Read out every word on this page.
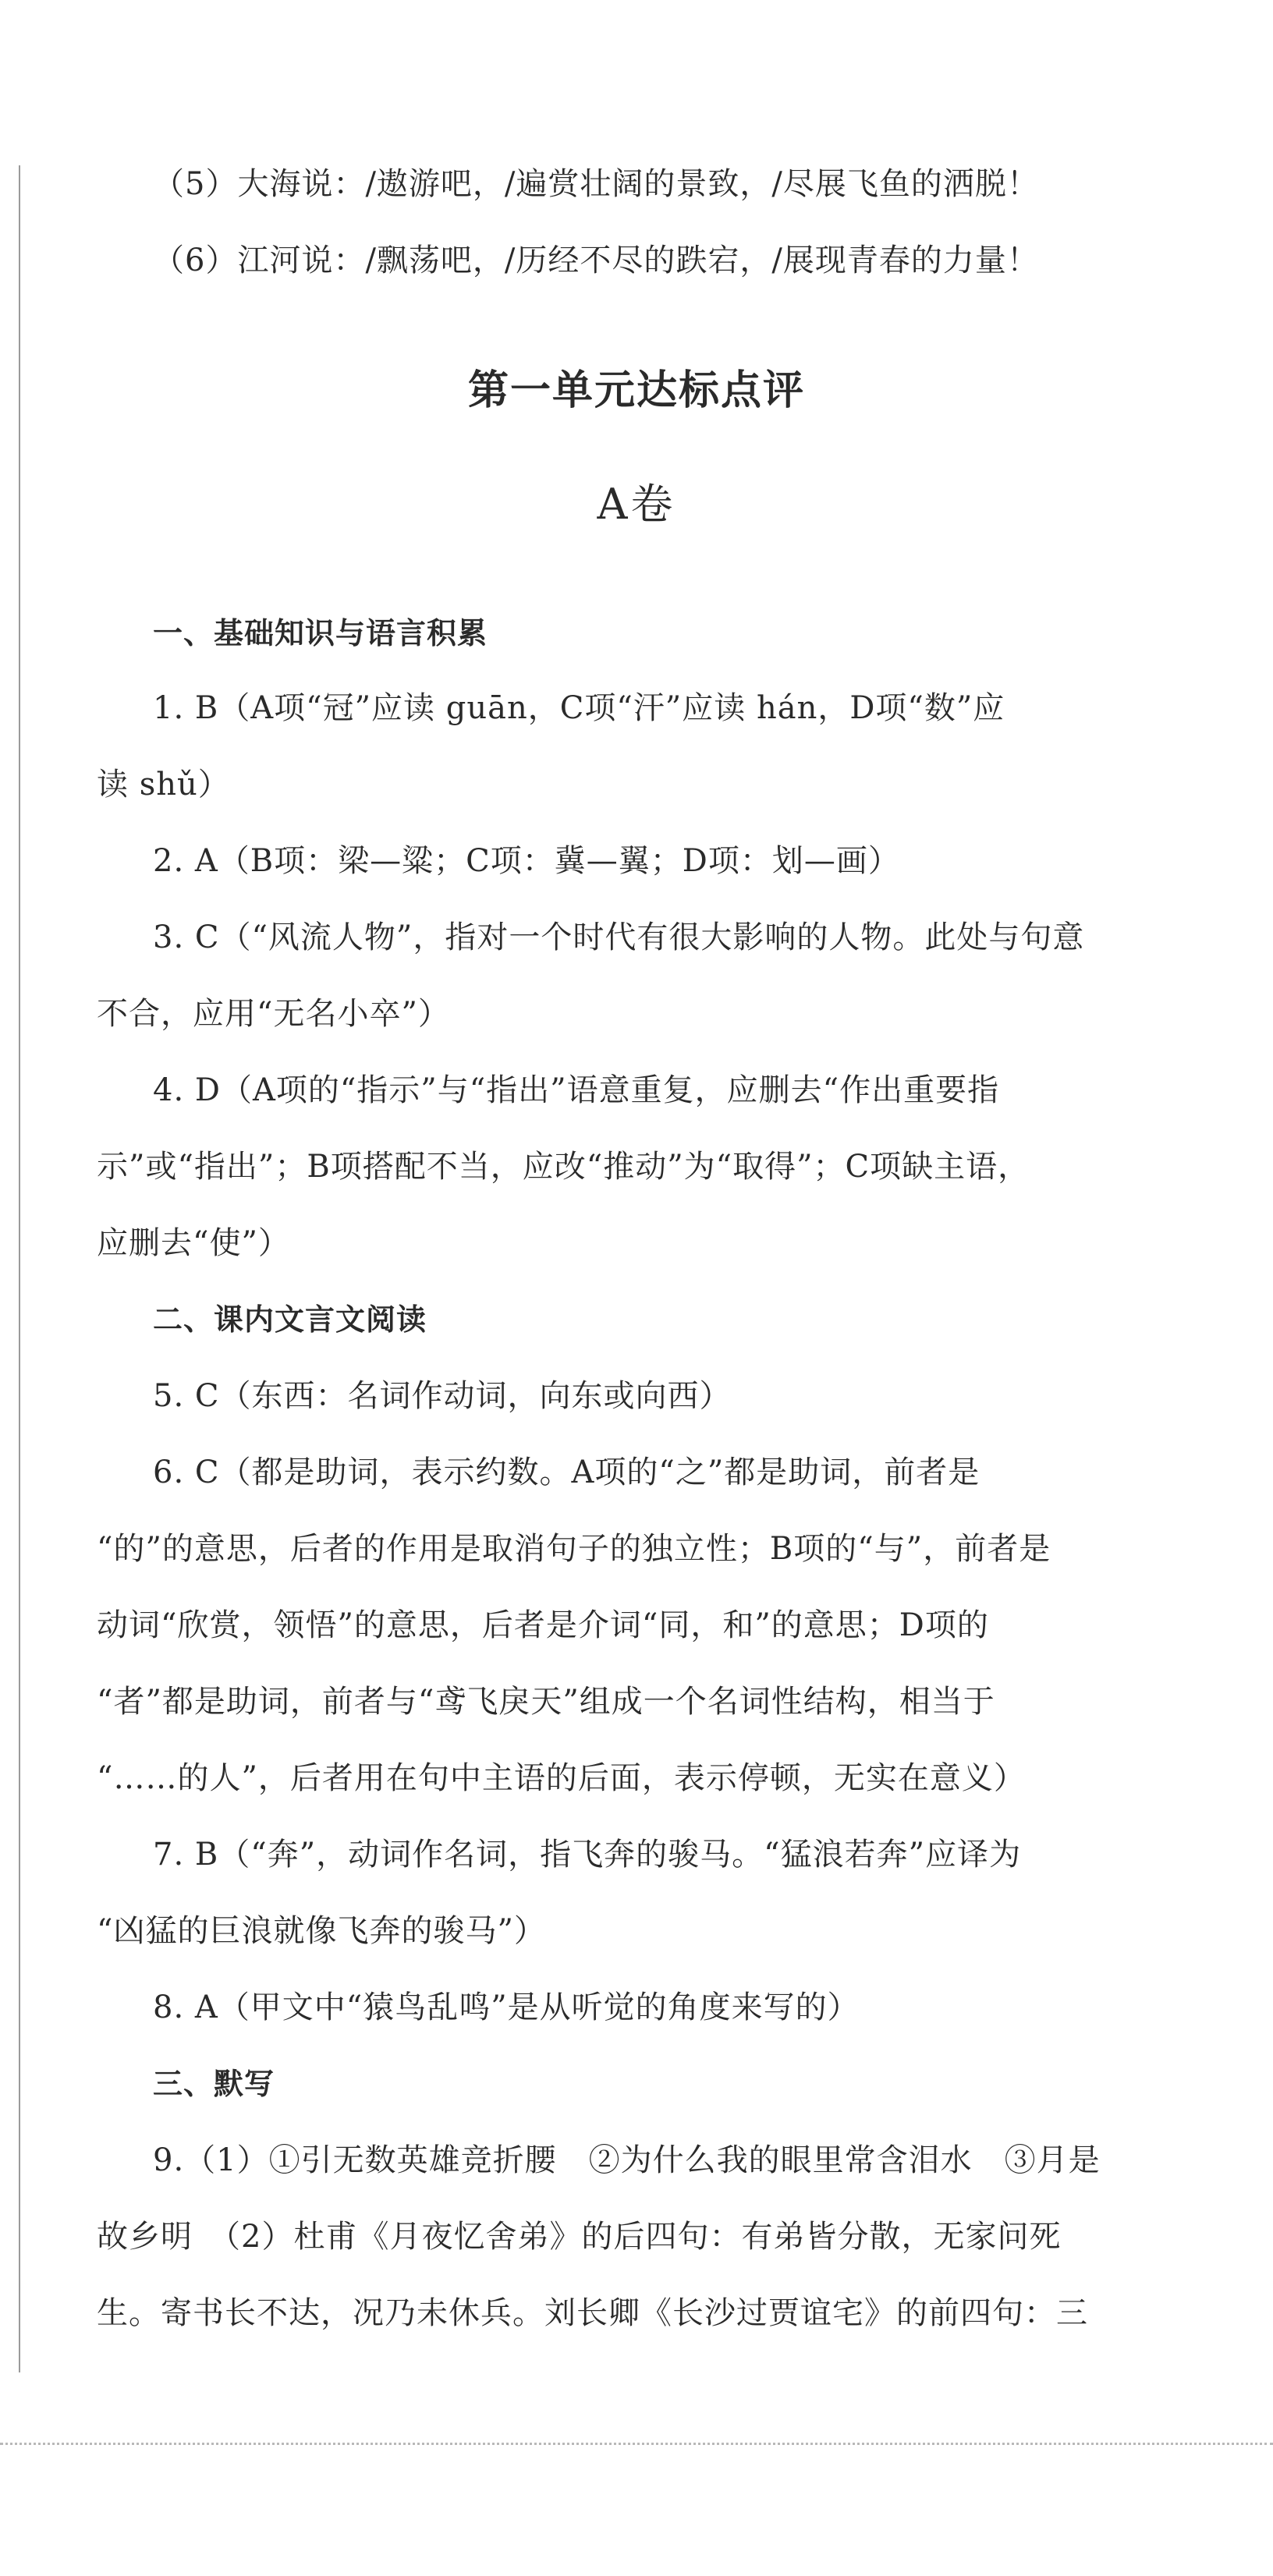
（5）大海说：/遨游吧，/遍赏壮阔的景致，/尽展飞鱼的洒脱！
（6）江河说：/飘荡吧，/历经不尽的跌宕，/展现青春的力量！
第一单元达标点评
A卷
一、基础知识与语言积累
1. B（A项“冠”应读 guān，C项“汗”应读 hán，D项“数”应
读 shǔ）
2. A（B项：梁—粱；C项：冀—翼；D项：划—画）
3. C（“风流人物”，指对一个时代有很大影响的人物。此处与句意
不合，应用“无名小卒”）
4. D（A项的“指示”与“指出”语意重复，应删去“作出重要指
示”或“指出”；B项搭配不当，应改“推动”为“取得”；C项缺主语，
应删去“使”）
二、课内文言文阅读
5. C（东西：名词作动词，向东或向西）
6. C（都是助词，表示约数。A项的“之”都是助词，前者是
“的”的意思，后者的作用是取消句子的独立性；B项的“与”，前者是
动词“欣赏，领悟”的意思，后者是介词“同，和”的意思；D项的
“者”都是助词，前者与“鸢飞戾天”组成一个名词性结构，相当于
“……的人”，后者用在句中主语的后面，表示停顿，无实在意义）
7. B（“奔”，动词作名词，指飞奔的骏马。“猛浪若奔”应译为
“凶猛的巨浪就像飞奔的骏马”）
8. A（甲文中“猿鸟乱鸣”是从听觉的角度来写的）
三、默写
9.（1）①引无数英雄竞折腰　②为什么我的眼里常含泪水　③月是
故乡明　（2）杜甫《月夜忆舍弟》的后四句：有弟皆分散，无家问死
生。寄书长不达，况乃未休兵。刘长卿《长沙过贾谊宅》的前四句：三
